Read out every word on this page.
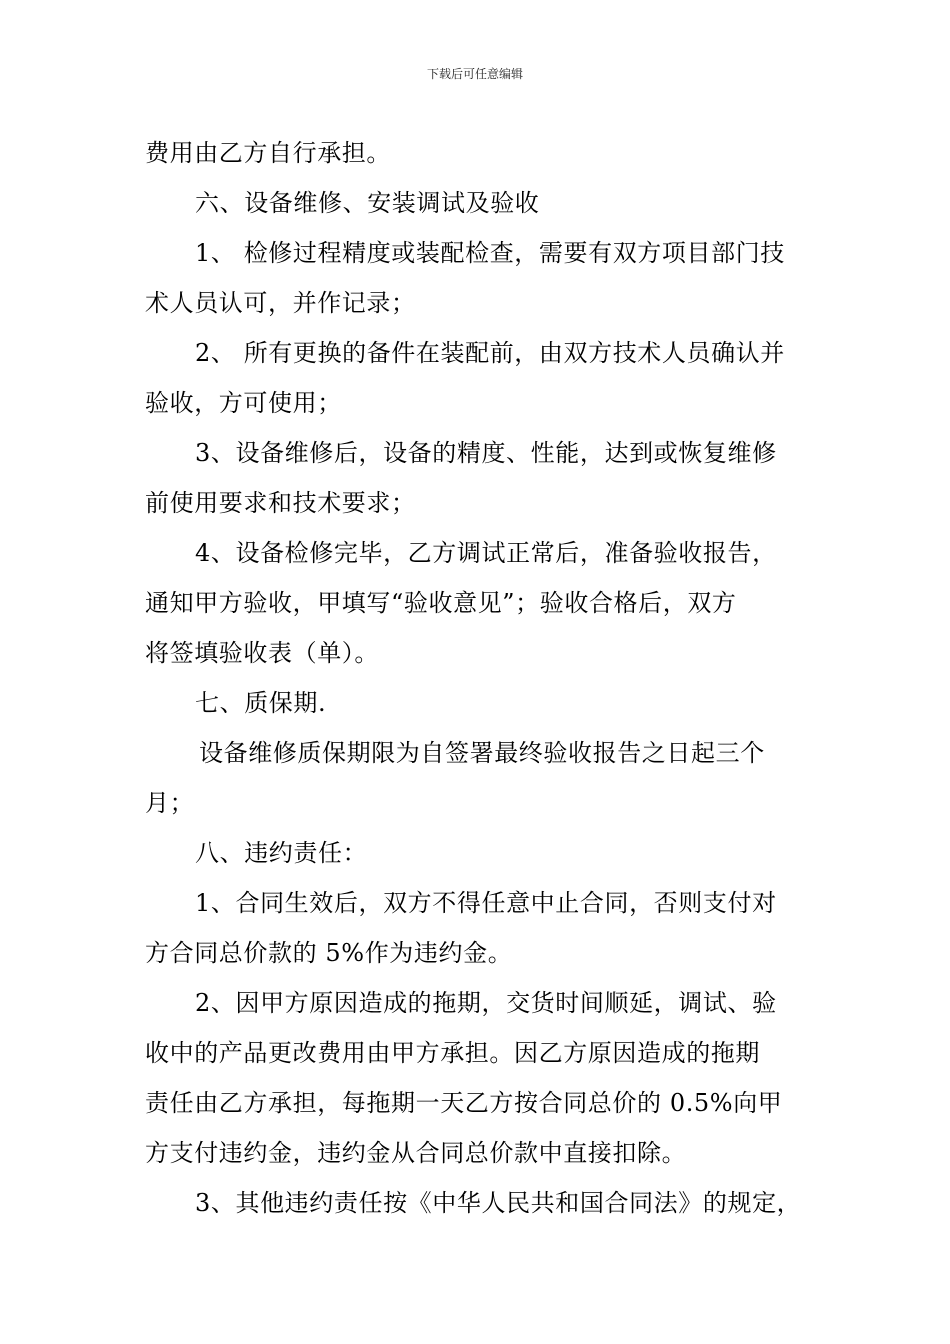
下载后可任意编辑
费用由乙方自行承担。
六、设备维修、安装调试及验收
1、 检修过程精度或装配检查，需要有双方项目部门技
术人员认可，并作记录；
2、 所有更换的备件在装配前，由双方技术人员确认并
验收，方可使用；
3、设备维修后，设备的精度、性能，达到或恢复维修
前使用要求和技术要求；
4、设备检修完毕，乙方调试正常后，准备验收报告，
通知甲方验收，甲填写“验收意见”；验收合格后，双方
将签填验收表（单）。
七、质保期.
设备维修质保期限为自签署最终验收报告之日起三个
月；
八、违约责任：
1、合同生效后，双方不得任意中止合同，否则支付对
方合同总价款的 5%作为违约金。
2、因甲方原因造成的拖期，交货时间顺延，调试、验
收中的产品更改费用由甲方承担。因乙方原因造成的拖期
责任由乙方承担，每拖期一天乙方按合同总价的 0.5%向甲
方支付违约金，违约金从合同总价款中直接扣除。
3、其他违约责任按《中华人民共和国合同法》的规定，
